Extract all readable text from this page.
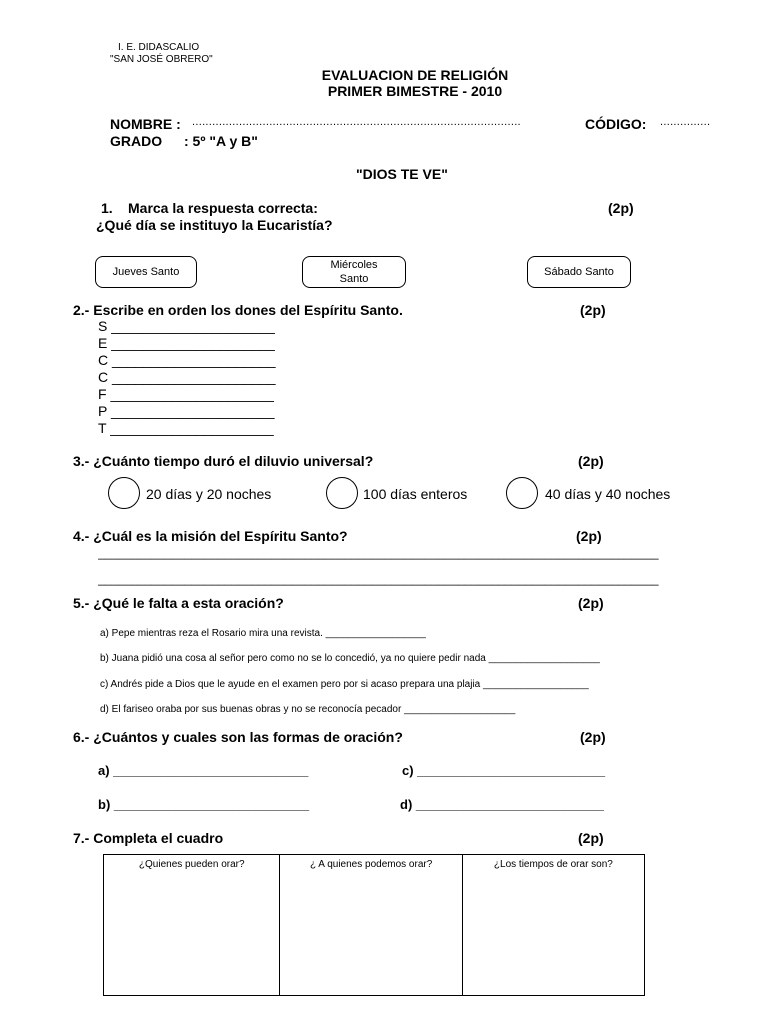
I. E. DIDASCALIO
"SAN JOSÉ OBRERO"
EVALUACION DE RELIGIÓN
PRIMER BIMESTRE - 2010
NOMBRE : ..................................................................................................	CÓDIGO: ...............
GRADO : 5º "A y B"
"DIOS TE VE"
1. Marca la respuesta correcta:	(2p)
¿Qué día se instituyo la Eucaristía?
Jueves Santo
Miércoles Santo
Sábado Santo
2.- Escribe en orden los dones del Espíritu Santo.	(2p)
S _____________________
E _____________________
C _____________________
C _____________________
F _____________________
P _____________________
T _____________________
3.- ¿Cuánto tiempo duró el diluvio universal?	(2p)
20 días y 20 noches	100 días enteros	40 días y 40 noches
4.- ¿Cuál es la misión del Espíritu Santo?	(2p)
____________________________________________________________________________________
____________________________________________________________________________________
5.- ¿Qué le falta a esta oración?	(2p)
a) Pepe mientras reza el Rosario mira una revista. __________________
b) Juana pidió una cosa al señor pero como no se lo concedió, ya no quiere pedir nada ____________________
c) Andrés pide a Dios que le ayude en el examen pero por si acaso prepara una plajia ___________________
d) El fariseo oraba por sus buenas obras y no se reconocía pecador ____________________
6.- ¿Cuántos y cuales son las formas de oración?	(2p)
a) ___________________________	c) __________________________
b) ___________________________	d) __________________________
7.- Completa el cuadro	(2p)
¿Quienes pueden orar?	¿ A quienes podemos orar?	¿Los tiempos de orar son?
